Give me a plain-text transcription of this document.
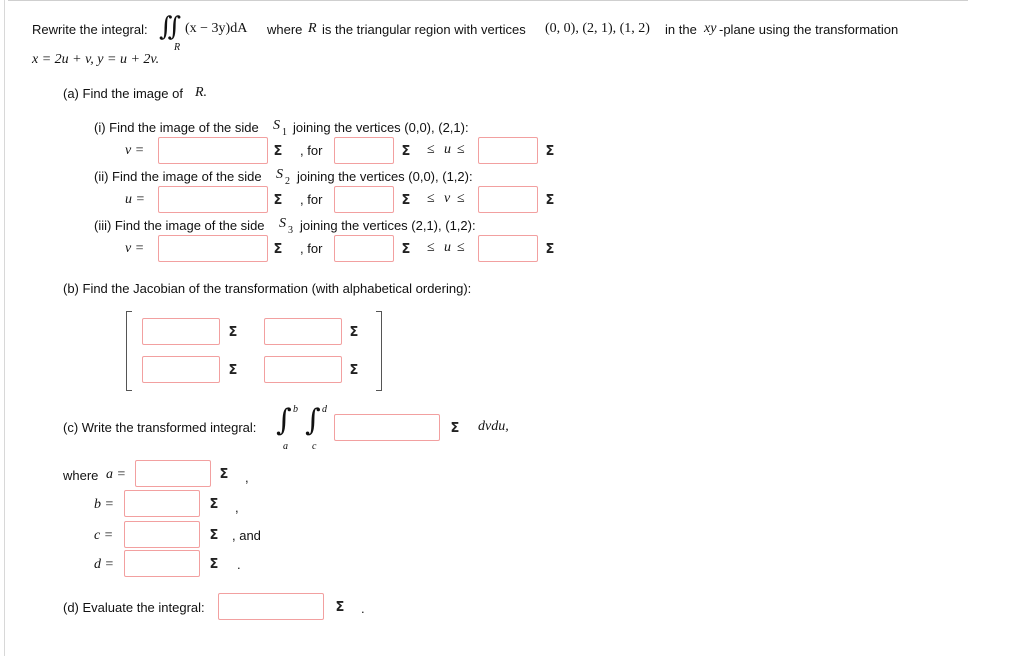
Rewrite the integral: ∬
R
(x − 3y)dA where R is the triangular region with vertices (0, 0), (2, 1), (1, 2) in the xy -plane using the transformation
x = 2u + v, y = u + 2v.
(a) Find the image of R.
(i) Find the image of the side S 1 joining the vertices (0,0), (2,1):
v =	Σ	, for	Σ	≤ u ≤	Σ
(ii) Find the image of the side S 2 joining the vertices (0,0), (1,2):
u =	Σ	, for	Σ	≤ v ≤	Σ
(iii) Find the image of the side S 3 joining the vertices (2,1), (1,2):
v =	Σ	, for	Σ	≤ u ≤	Σ
(b) Find the Jacobian of the transformation (with alphabetical ordering):
Σ	Σ
Σ	Σ
(c) Write the transformed integral: ∫ b
a
∫ d
c
Σ	dvdu,
where a =	Σ	,
b =	Σ	,
c =	Σ	, and
d =	Σ	.
(d) Evaluate the integral:	Σ	.
